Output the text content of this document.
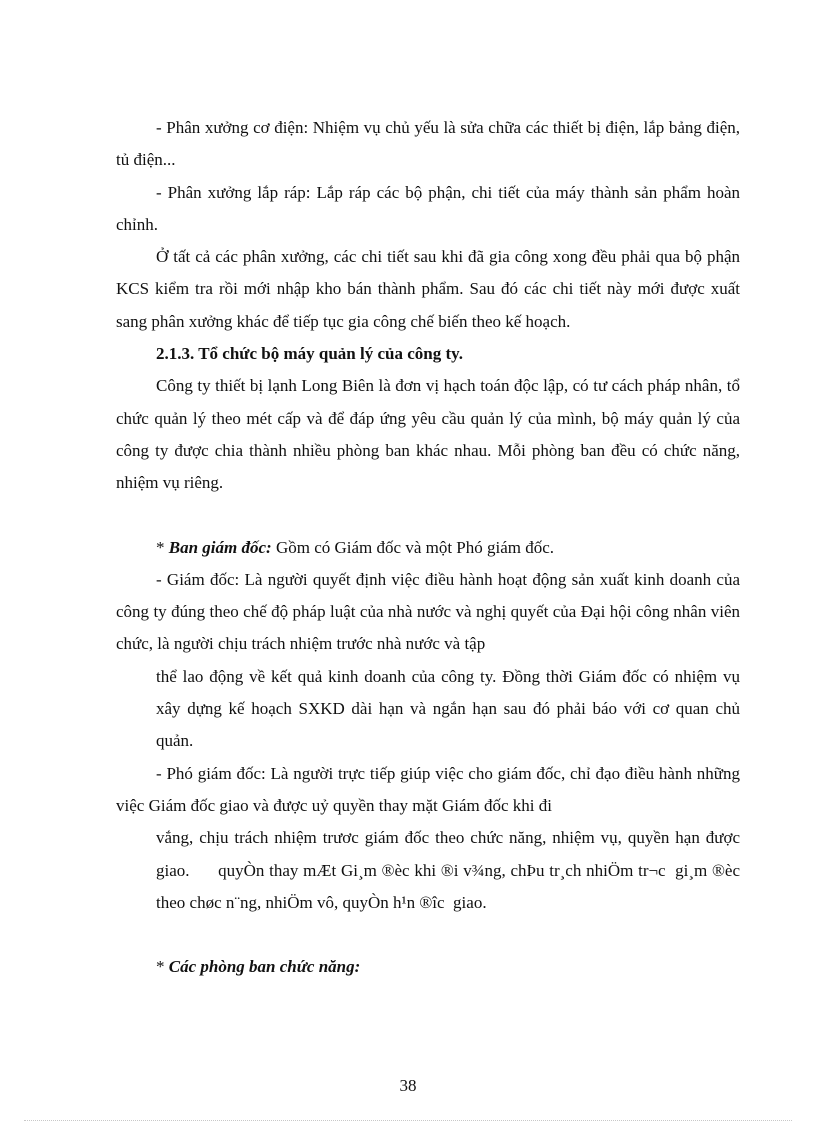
- Phân xưởng cơ điện: Nhiệm vụ chủ yếu là sửa chữa các thiết bị điện, lắp bảng điện, tủ điện...

- Phân xưởng lắp ráp: Lắp ráp các bộ phận, chi tiết của máy thành sản phẩm hoàn chỉnh.

Ở tất cả các phân xưởng, các chi tiết sau khi đã gia công xong đều phải qua bộ phận KCS kiểm tra rồi mới nhập kho bán thành phẩm. Sau đó các chi tiết này mới được xuất sang phân xưởng khác để tiếp tục gia công chế biến theo kế hoạch.

2.1.3. Tổ chức bộ máy quản lý của công ty.

Công ty thiết bị lạnh Long Biên là đơn vị hạch toán độc lập, có tư cách pháp nhân, tổ chức quản lý theo mét cấp và để đáp ứng yêu cầu quản lý của mình, bộ máy quản lý của công ty được chia thành nhiều phòng ban khác nhau. Mỗi phòng ban đều có chức năng, nhiệm vụ riêng.

* Ban giám đốc: Gồm có Giám đốc và một Phó giám đốc.

- Giám đốc: Là người quyết định việc điều hành hoạt động sản xuất kinh doanh của công ty đúng theo chế độ pháp luật của nhà nước và nghị quyết của Đại hội công nhân viên chức, là người chịu trách nhiệm trước nhà nước và tập

thể lao động về kết quả kinh doanh của công ty. Đồng thời Giám đốc có nhiệm vụ xây dựng kế hoạch SXKD dài hạn và ngắn hạn sau đó phải báo với cơ quan chủ quản.

- Phó giám đốc: Là người trực tiếp giúp việc cho giám đốc, chỉ đạo điều hành những việc Giám đốc giao và được uỷ quyền thay mặt Giám đốc khi đi

vắng, chịu trách nhiệm trươc giám đốc theo chức năng, nhiệm vụ, quyền hạn được giao.      quyÒn thay mÆt Gi¸m ®èc khi ®i v¾ng, chÞu tr¸ch nhiÖm tr¬c  gi¸m ®èc theo chøc n¨ng, nhiÖm vô, quyÒn h¹n ®îc  giao.

* Các phòng ban chức năng:

38
